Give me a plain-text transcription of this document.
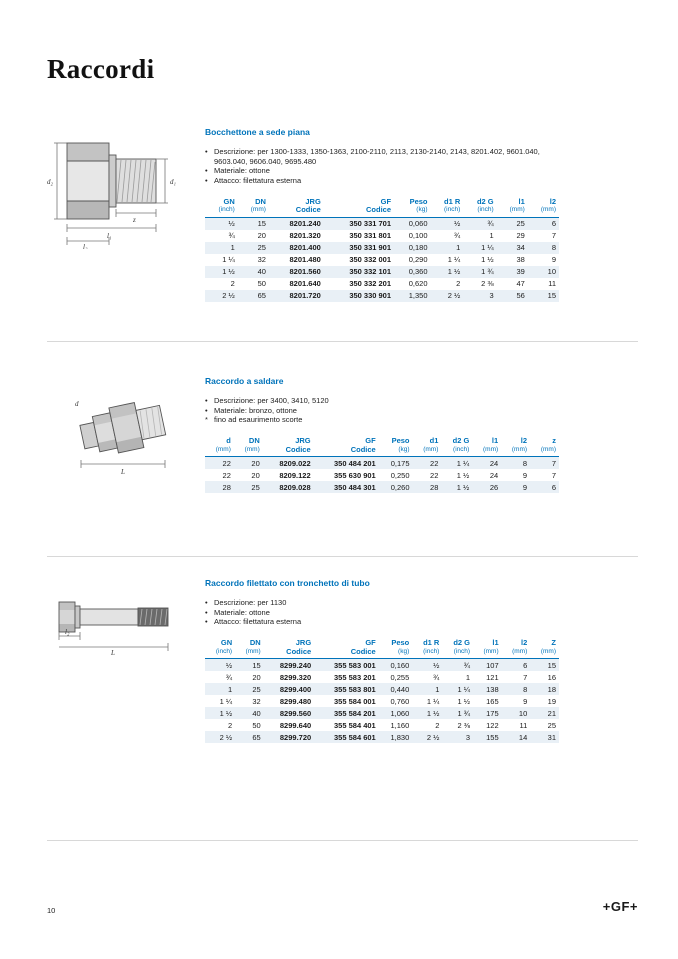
Raccordi
d₂	d₁
z
l₁
l₂
Bocchettone a sede piana
• Descrizione: per 1300-1333, 1350-1363, 2100-2110, 2113, 2130-2140, 2143, 8201.402, 9601.040, 9603.040, 9606.040, 9695.480
• Materiale: ottone
• Attacco: filettatura esterna
GN	DN	JRG	GF	Peso	d1 R	d2 G	l1	l2
(inch)	(mm)	Codice	Codice	(kg)	(inch)	(inch)	(mm)	(mm)
½	15	8201.240	350 331 701	0,060	½	¾	25	6
¾	20	8201.320	350 331 801	0,100	¾	1	29	7
1	25	8201.400	350 331 901	0,180	1	1 ¼	34	8
1 ¼	32	8201.480	350 332 001	0,290	1 ¼	1 ½	38	9
1 ½	40	8201.560	350 332 101	0,360	1 ½	1 ¾	39	10
2	50	8201.640	350 332 201	0,620	2	2 ⅜	47	11
2 ½	65	8201.720	350 330 901	1,350	2 ½	3	56	15
d
L
Raccordo a saldare
• Descrizione: per 3400, 3410, 5120
• Materiale: bronzo, ottone
* fino ad esaurimento scorte
d	DN	JRG	GF	Peso	d1	d2 G	l1	l2	z
(mm)	(mm)	Codice	Codice	(kg)	(mm)	(inch)	(mm)	(mm)	(mm)
22	20	8209.022	350 484 201	0,175	22	1 ¼	24	8	7
22	20	8209.122	355 630 901	0,250	22	1 ½	24	9	7
28	25	8209.028	350 484 301	0,260	28	1 ½	26	9	6
l₂
L
Raccordo filettato con tronchetto di tubo
• Descrizione: per 1130
• Materiale: ottone
• Attacco: filettatura esterna
GN	DN	JRG	GF	Peso	d1 R	d2 G	l1	l2	Z
(inch)	(mm)	Codice	Codice	(kg)	(inch)	(inch)	(mm)	(mm)	(mm)
½	15	8299.240	355 583 001	0,160	½	¾	107	6	15
¾	20	8299.320	355 583 201	0,255	¾	1	121	7	16
1	25	8299.400	355 583 801	0,440	1	1 ¼	138	8	18
1 ¼	32	8299.480	355 584 001	0,760	1 ¼	1 ½	165	9	19
1 ½	40	8299.560	355 584 201	1,060	1 ½	1 ¾	175	10	21
2	50	8299.640	355 584 401	1,160	2	2 ⅜	122	11	25
2 ½	65	8299.720	355 584 601	1,830	2 ½	3	155	14	31
10	+GF+
